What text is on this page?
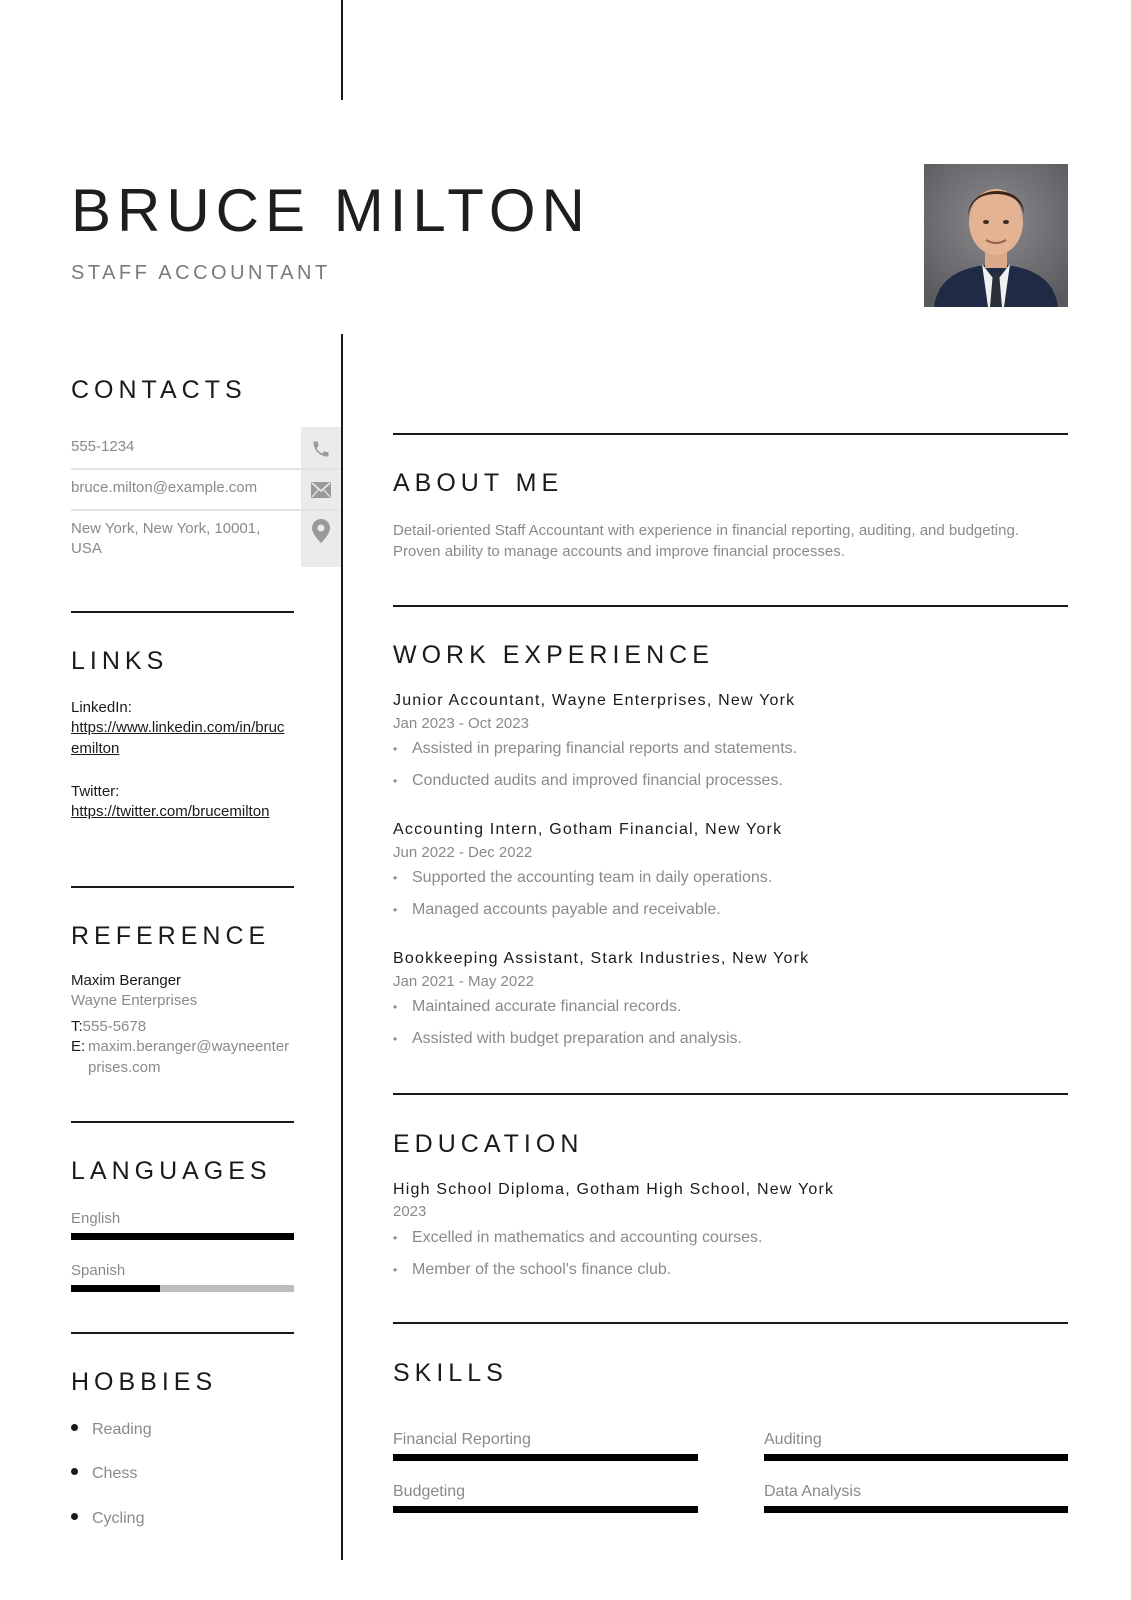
BRUCE MILTON
STAFF ACCOUNTANT
CONTACTS
555-1234
bruce.milton@example.com
New York, New York, 10001, USA
LINKS
LinkedIn:
https://www.linkedin.com/in/brucemilton
Twitter:
https://twitter.com/brucemilton
REFERENCE
Maxim Beranger
Wayne Enterprises
T:555-5678
E: maxim.beranger@wayneenterprises.com
LANGUAGES
English
Spanish
HOBBIES
Reading
Chess
Cycling
ABOUT ME
Detail-oriented Staff Accountant with experience in financial reporting, auditing, and budgeting. Proven ability to manage accounts and improve financial processes.
WORK EXPERIENCE
Junior Accountant, Wayne Enterprises, New York
Jan 2023 - Oct 2023
• Assisted in preparing financial reports and statements.
• Conducted audits and improved financial processes.
Accounting Intern, Gotham Financial, New York
Jun 2022 - Dec 2022
• Supported the accounting team in daily operations.
• Managed accounts payable and receivable.
Bookkeeping Assistant, Stark Industries, New York
Jan 2021 - May 2022
• Maintained accurate financial records.
• Assisted with budget preparation and analysis.
EDUCATION
High School Diploma, Gotham High School, New York
2023
• Excelled in mathematics and accounting courses.
• Member of the school's finance club.
SKILLS
Financial Reporting	Auditing
Budgeting	Data Analysis
